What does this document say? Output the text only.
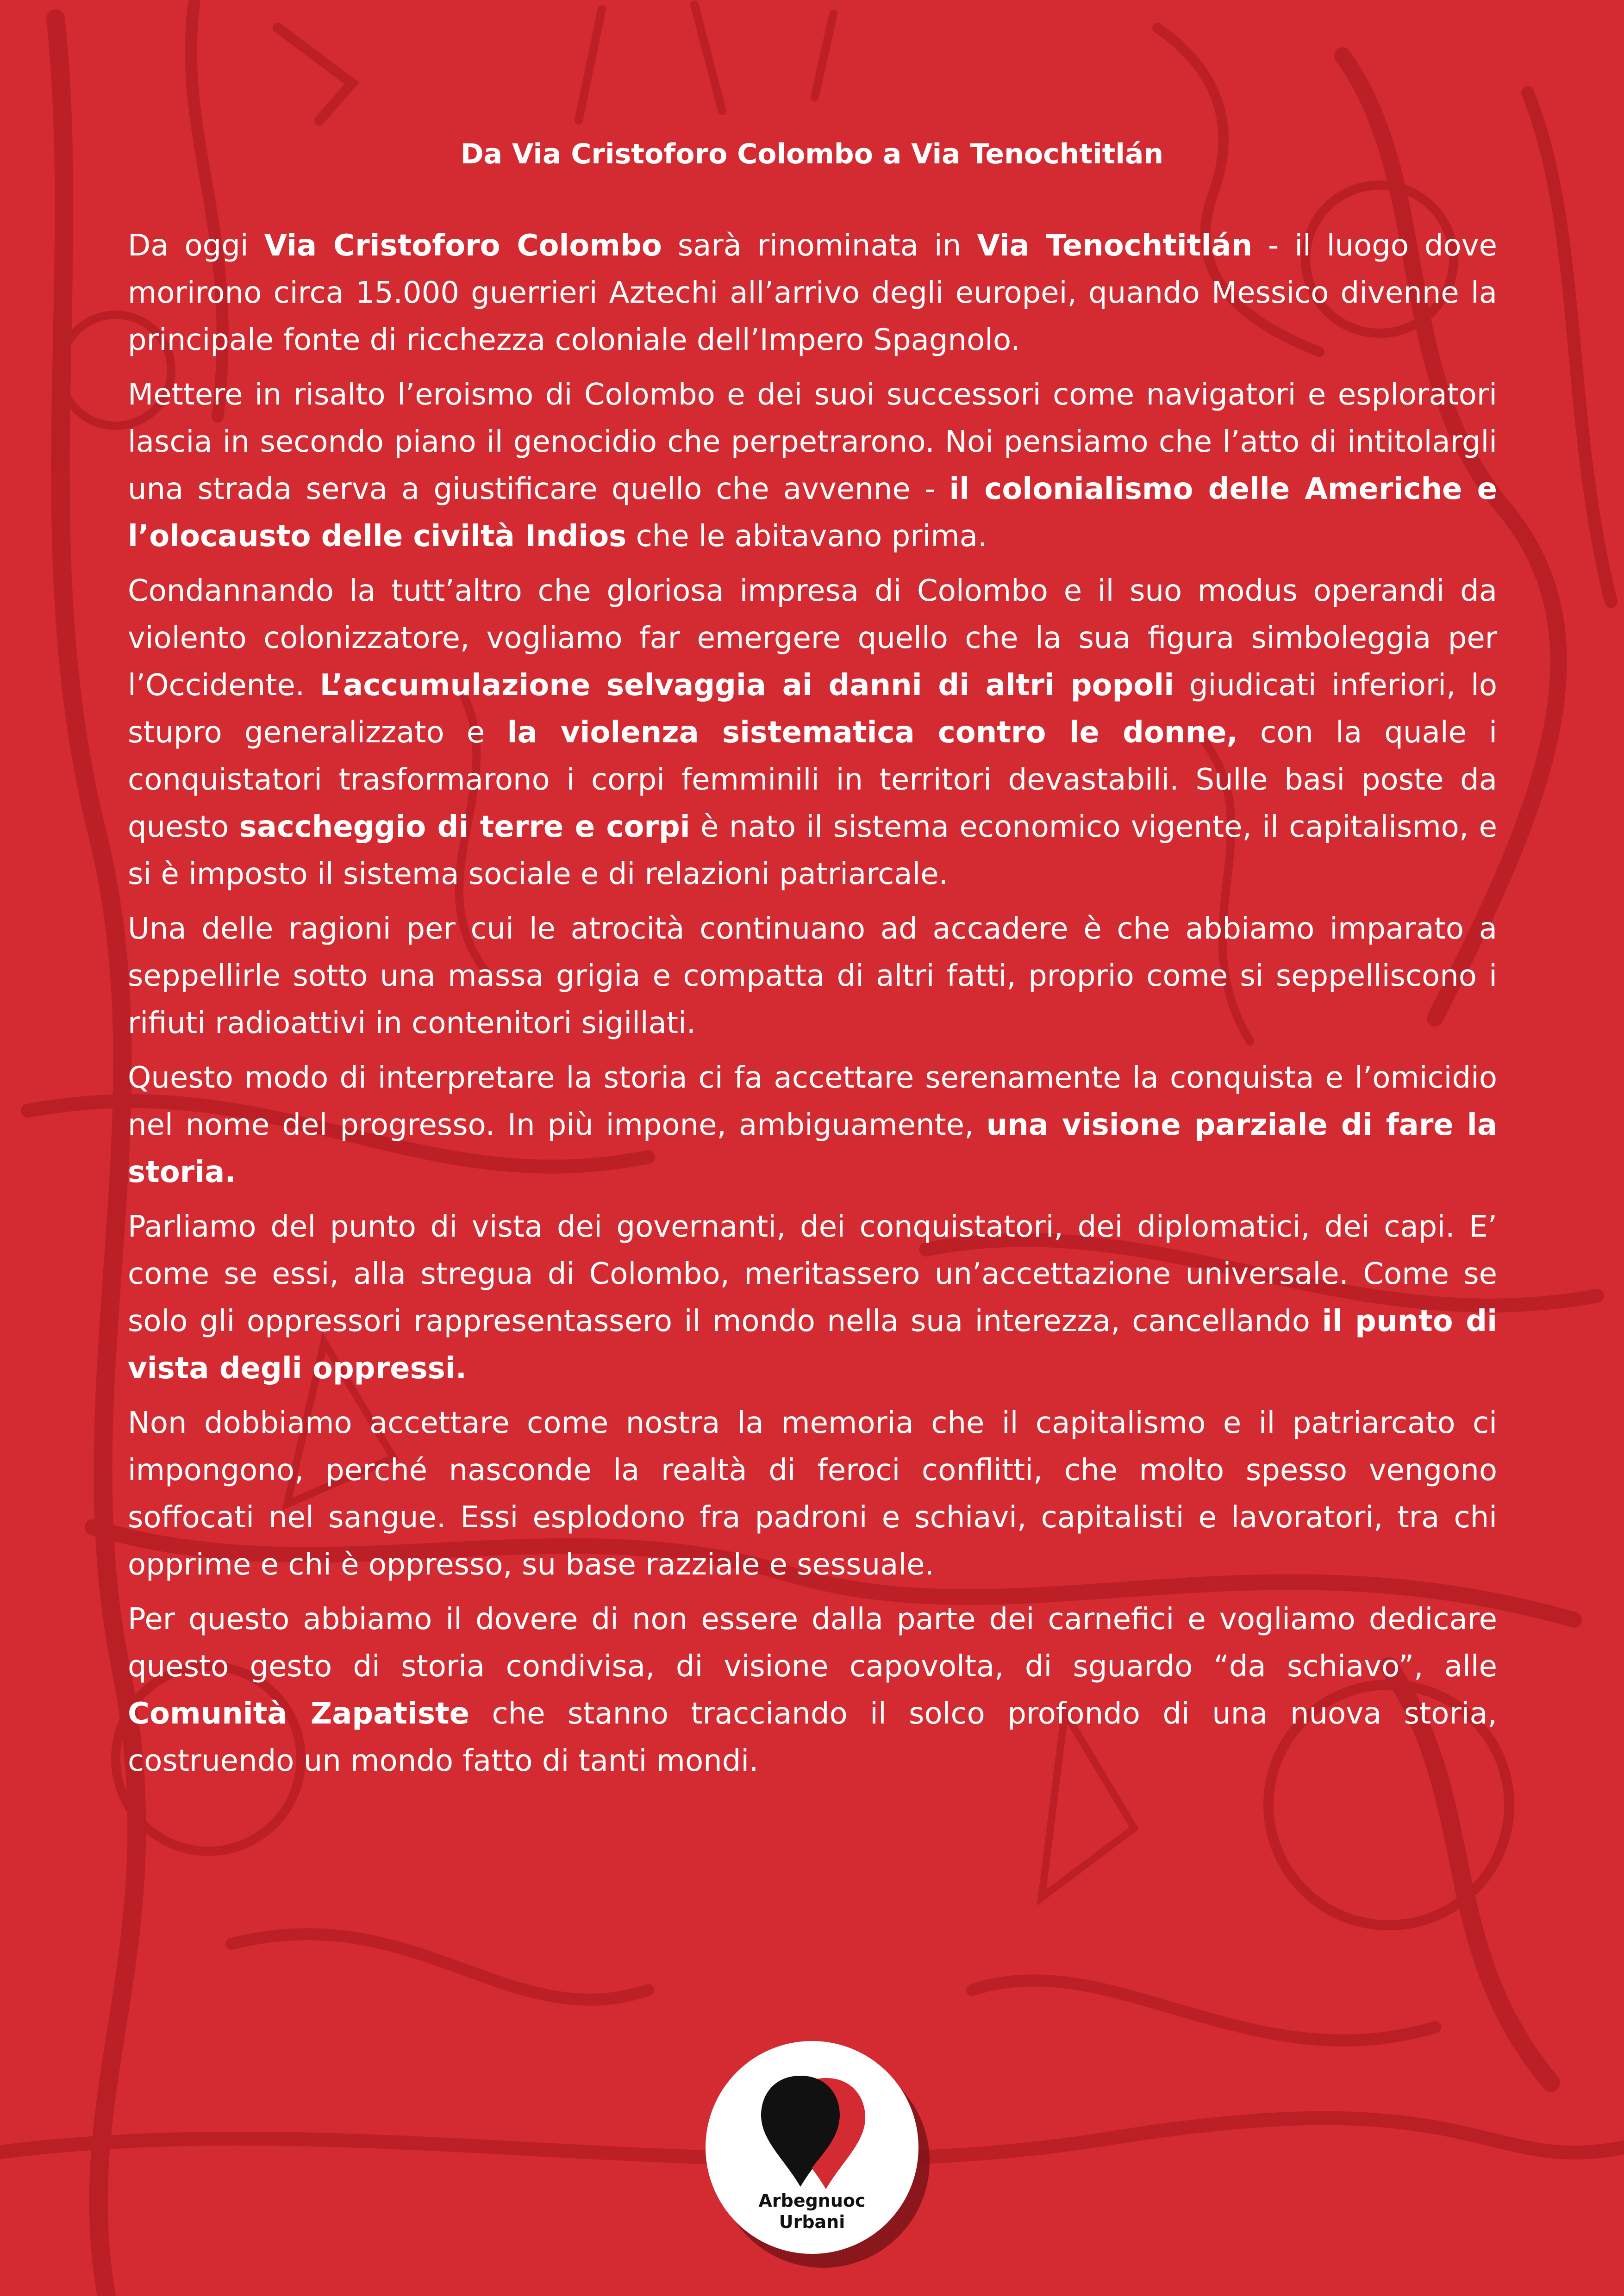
Da Via Cristoforo Colombo a Via Tenochtitlán

Da oggi Via Cristoforo Colombo sarà rinominata in Via Tenochtitlán - il luogo dove morirono circa 15.000 guerrieri Aztechi all’arrivo degli europei, quando Messico divenne la principale fonte di ricchezza coloniale dell’Impero Spagnolo.

Mettere in risalto l’eroismo di Colombo e dei suoi successori come navigatori e esploratori lascia in secondo piano il genocidio che perpetrarono. Noi pensiamo che l’atto di intitolargli una strada serva a giustificare quello che avvenne - il colonialismo delle Americhe e l’olocausto delle civiltà Indios che le abitavano prima.

Condannando la tutt’altro che gloriosa impresa di Colombo e il suo modus operandi da violento colonizzatore, vogliamo far emergere quello che la sua figura simboleggia per l’Occidente. L’accumulazione selvaggia ai danni di altri popoli giudicati inferiori, lo stupro generalizzato e la violenza sistematica contro le donne, con la quale i conquistatori trasformarono i corpi femminili in territori devastabili. Sulle basi poste da questo saccheggio di terre e corpi è nato il sistema economico vigente, il capitalismo, e si è imposto il sistema sociale e di relazioni patriarcale.

Una delle ragioni per cui le atrocità continuano ad accadere è che abbiamo imparato a seppellirle sotto una massa grigia e compatta di altri fatti, proprio come si seppelliscono i rifiuti radioattivi in contenitori sigillati.

Questo modo di interpretare la storia ci fa accettare serenamente la conquista e l’omicidio nel nome del progresso. In più impone, ambiguamente, una visione parziale di fare la storia.

Parliamo del punto di vista dei governanti, dei conquistatori, dei diplomatici, dei capi. E’ come se essi, alla stregua di Colombo, meritassero un’accettazione universale. Come se solo gli oppressori rappresentassero il mondo nella sua interezza, cancellando il punto di vista degli oppressi.

Non dobbiamo accettare come nostra la memoria che il capitalismo e il patriarcato ci impongono, perché nasconde la realtà di feroci conflitti, che molto spesso vengono soffocati nel sangue. Essi esplodono fra padroni e schiavi, capitalisti e lavoratori, tra chi opprime e chi è oppresso, su base razziale e sessuale.

Per questo abbiamo il dovere di non essere dalla parte dei carnefici e vogliamo dedicare questo gesto di storia condivisa, di visione capovolta, di sguardo “da schiavo”, alle Comunità Zapatiste che stanno tracciando il solco profondo di una nuova storia, costruendo un mondo fatto di tanti mondi.

Arbegnuoc
Urbani
